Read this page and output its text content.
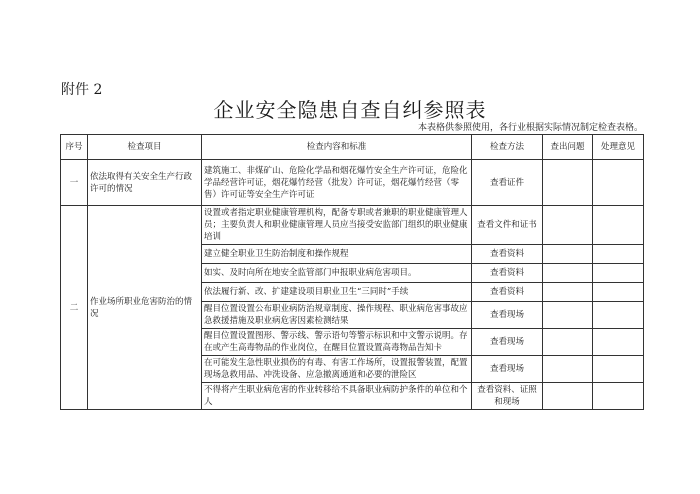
附件 2
企业安全隐患自查自纠参照表
本表格供参照使用，各行业根据实际情况制定检查表格。
序号	检查项目	检查内容和标准	检查方法	查出问题	处理意见
一	依法取得有关安全生产行政许可的情况	建筑施工、非煤矿山、危险化学品和烟花爆竹安全生产许可证，危险化学品经营许可证，烟花爆竹经营（批发）许可证，烟花爆竹经营（零售）许可证等安全生产许可证	查看证件		
二	作业场所职业危害防治的情况	设置或者指定职业健康管理机构，配备专职或者兼职的职业健康管理人员；主要负责人和职业健康管理人员应当接受安监部门组织的职业健康培训	查看文件和证书		
		建立健全职业卫生防治制度和操作规程	查看资料		
		如实、及时向所在地安全监管部门申报职业病危害项目。	查看资料		
		依法履行新、改、扩建建设项目职业卫生“三同时”手续	查看资料		
		醒目位置设置公布职业病防治规章制度、操作规程、职业病危害事故应急救援措施及职业病危害因素检测结果	查看现场		
		醒目位置设置图形、警示线、警示语句等警示标识和中文警示说明。存在或产生高毒物品的作业岗位，在醒目位置设置高毒物品告知卡	查看现场		
		在可能发生急性职业损伤的有毒、有害工作场所，设置报警装置，配置现场急救用品、冲洗设备、应急撤离通道和必要的泄险区	查看现场		
		不得将产生职业病危害的作业转移给不具备职业病防护条件的单位和个人	查看资料、证照和现场		
